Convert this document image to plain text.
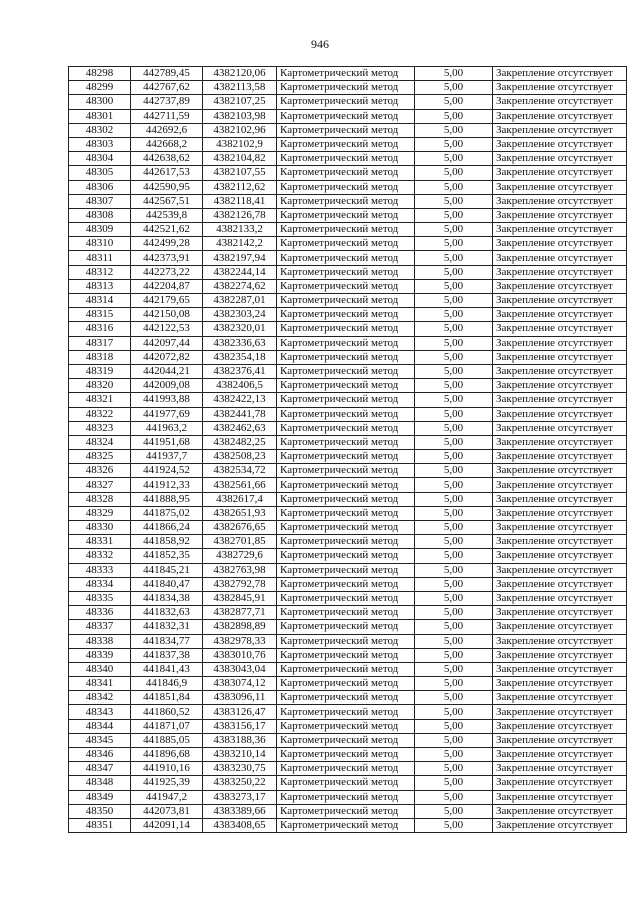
946
48298	442789,45	4382120,06	Картометрический метод	5,00	Закрепление отсутствует
48299	442767,62	4382113,58	Картометрический метод	5,00	Закрепление отсутствует
48300	442737,89	4382107,25	Картометрический метод	5,00	Закрепление отсутствует
48301	442711,59	4382103,98	Картометрический метод	5,00	Закрепление отсутствует
48302	442692,6	4382102,96	Картометрический метод	5,00	Закрепление отсутствует
48303	442668,2	4382102,9	Картометрический метод	5,00	Закрепление отсутствует
48304	442638,62	4382104,82	Картометрический метод	5,00	Закрепление отсутствует
48305	442617,53	4382107,55	Картометрический метод	5,00	Закрепление отсутствует
48306	442590,95	4382112,62	Картометрический метод	5,00	Закрепление отсутствует
48307	442567,51	4382118,41	Картометрический метод	5,00	Закрепление отсутствует
48308	442539,8	4382126,78	Картометрический метод	5,00	Закрепление отсутствует
48309	442521,62	4382133,2	Картометрический метод	5,00	Закрепление отсутствует
48310	442499,28	4382142,2	Картометрический метод	5,00	Закрепление отсутствует
48311	442373,91	4382197,94	Картометрический метод	5,00	Закрепление отсутствует
48312	442273,22	4382244,14	Картометрический метод	5,00	Закрепление отсутствует
48313	442204,87	4382274,62	Картометрический метод	5,00	Закрепление отсутствует
48314	442179,65	4382287,01	Картометрический метод	5,00	Закрепление отсутствует
48315	442150,08	4382303,24	Картометрический метод	5,00	Закрепление отсутствует
48316	442122,53	4382320,01	Картометрический метод	5,00	Закрепление отсутствует
48317	442097,44	4382336,63	Картометрический метод	5,00	Закрепление отсутствует
48318	442072,82	4382354,18	Картометрический метод	5,00	Закрепление отсутствует
48319	442044,21	4382376,41	Картометрический метод	5,00	Закрепление отсутствует
48320	442009,08	4382406,5	Картометрический метод	5,00	Закрепление отсутствует
48321	441993,88	4382422,13	Картометрический метод	5,00	Закрепление отсутствует
48322	441977,69	4382441,78	Картометрический метод	5,00	Закрепление отсутствует
48323	441963,2	4382462,63	Картометрический метод	5,00	Закрепление отсутствует
48324	441951,68	4382482,25	Картометрический метод	5,00	Закрепление отсутствует
48325	441937,7	4382508,23	Картометрический метод	5,00	Закрепление отсутствует
48326	441924,52	4382534,72	Картометрический метод	5,00	Закрепление отсутствует
48327	441912,33	4382561,66	Картометрический метод	5,00	Закрепление отсутствует
48328	441888,95	4382617,4	Картометрический метод	5,00	Закрепление отсутствует
48329	441875,02	4382651,93	Картометрический метод	5,00	Закрепление отсутствует
48330	441866,24	4382676,65	Картометрический метод	5,00	Закрепление отсутствует
48331	441858,92	4382701,85	Картометрический метод	5,00	Закрепление отсутствует
48332	441852,35	4382729,6	Картометрический метод	5,00	Закрепление отсутствует
48333	441845,21	4382763,98	Картометрический метод	5,00	Закрепление отсутствует
48334	441840,47	4382792,78	Картометрический метод	5,00	Закрепление отсутствует
48335	441834,38	4382845,91	Картометрический метод	5,00	Закрепление отсутствует
48336	441832,63	4382877,71	Картометрический метод	5,00	Закрепление отсутствует
48337	441832,31	4382898,89	Картометрический метод	5,00	Закрепление отсутствует
48338	441834,77	4382978,33	Картометрический метод	5,00	Закрепление отсутствует
48339	441837,38	4383010,76	Картометрический метод	5,00	Закрепление отсутствует
48340	441841,43	4383043,04	Картометрический метод	5,00	Закрепление отсутствует
48341	441846,9	4383074,12	Картометрический метод	5,00	Закрепление отсутствует
48342	441851,84	4383096,11	Картометрический метод	5,00	Закрепление отсутствует
48343	441860,52	4383126,47	Картометрический метод	5,00	Закрепление отсутствует
48344	441871,07	4383156,17	Картометрический метод	5,00	Закрепление отсутствует
48345	441885,05	4383188,36	Картометрический метод	5,00	Закрепление отсутствует
48346	441896,68	4383210,14	Картометрический метод	5,00	Закрепление отсутствует
48347	441910,16	4383230,75	Картометрический метод	5,00	Закрепление отсутствует
48348	441925,39	4383250,22	Картометрический метод	5,00	Закрепление отсутствует
48349	441947,2	4383273,17	Картометрический метод	5,00	Закрепление отсутствует
48350	442073,81	4383389,66	Картометрический метод	5,00	Закрепление отсутствует
48351	442091,14	4383408,65	Картометрический метод	5,00	Закрепление отсутствует
